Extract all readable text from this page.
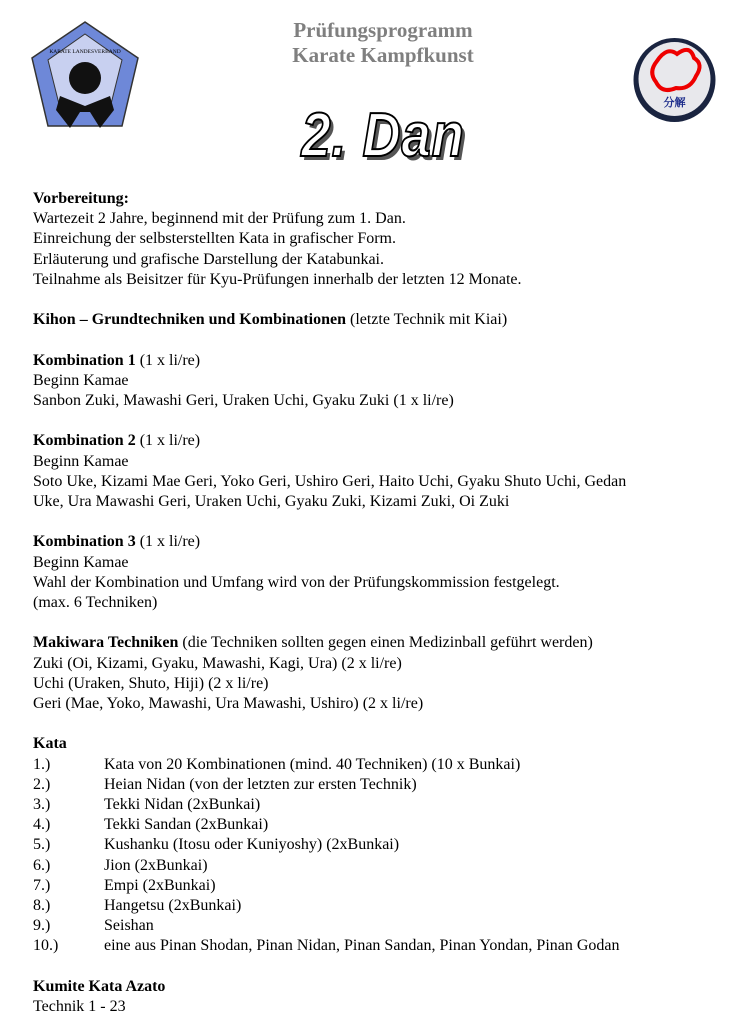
KARATE LANDESVERBAND
分解
Prüfungsprogramm
Karate Kampfkunst
2. Dan
Vorbereitung:
Wartezeit 2 Jahre, beginnend mit der Prüfung zum 1. Dan.
Einreichung der selbsterstellten Kata in grafischer Form.
Erläuterung und grafische Darstellung der Katabunkai.
Teilnahme als Beisitzer für Kyu-Prüfungen innerhalb der letzten 12 Monate.
Kihon – Grundtechniken und Kombinationen (letzte Technik mit Kiai)
Kombination 1 (1 x li/re)
Beginn Kamae
Sanbon Zuki, Mawashi Geri, Uraken Uchi, Gyaku Zuki (1 x li/re)
Kombination 2 (1 x li/re)
Beginn Kamae
Soto Uke, Kizami Mae Geri, Yoko Geri, Ushiro Geri, Haito Uchi, Gyaku Shuto Uchi, Gedan
Uke, Ura Mawashi Geri, Uraken Uchi, Gyaku Zuki, Kizami Zuki, Oi Zuki
Kombination 3 (1 x li/re)
Beginn Kamae
Wahl der Kombination und Umfang wird von der Prüfungskommission festgelegt.
(max. 6 Techniken)
Makiwara Techniken (die Techniken sollten gegen einen Medizinball geführt werden)
Zuki (Oi, Kizami, Gyaku, Mawashi, Kagi, Ura) (2 x li/re)
Uchi (Uraken, Shuto, Hiji) (2 x li/re)
Geri (Mae, Yoko, Mawashi, Ura Mawashi, Ushiro) (2 x li/re)
Kata
1.)	Kata von 20 Kombinationen (mind. 40 Techniken) (10 x Bunkai)
2.)	Heian Nidan (von der letzten zur ersten Technik)
3.)	Tekki Nidan (2xBunkai)
4.)	Tekki Sandan (2xBunkai)
5.)	Kushanku (Itosu oder Kuniyoshy) (2xBunkai)
6.)	Jion (2xBunkai)
7.)	Empi (2xBunkai)
8.)	Hangetsu (2xBunkai)
9.)	Seishan
10.)	eine aus Pinan Shodan, Pinan Nidan, Pinan Sandan, Pinan Yondan, Pinan Godan
Kumite Kata Azato
Technik 1 - 23
